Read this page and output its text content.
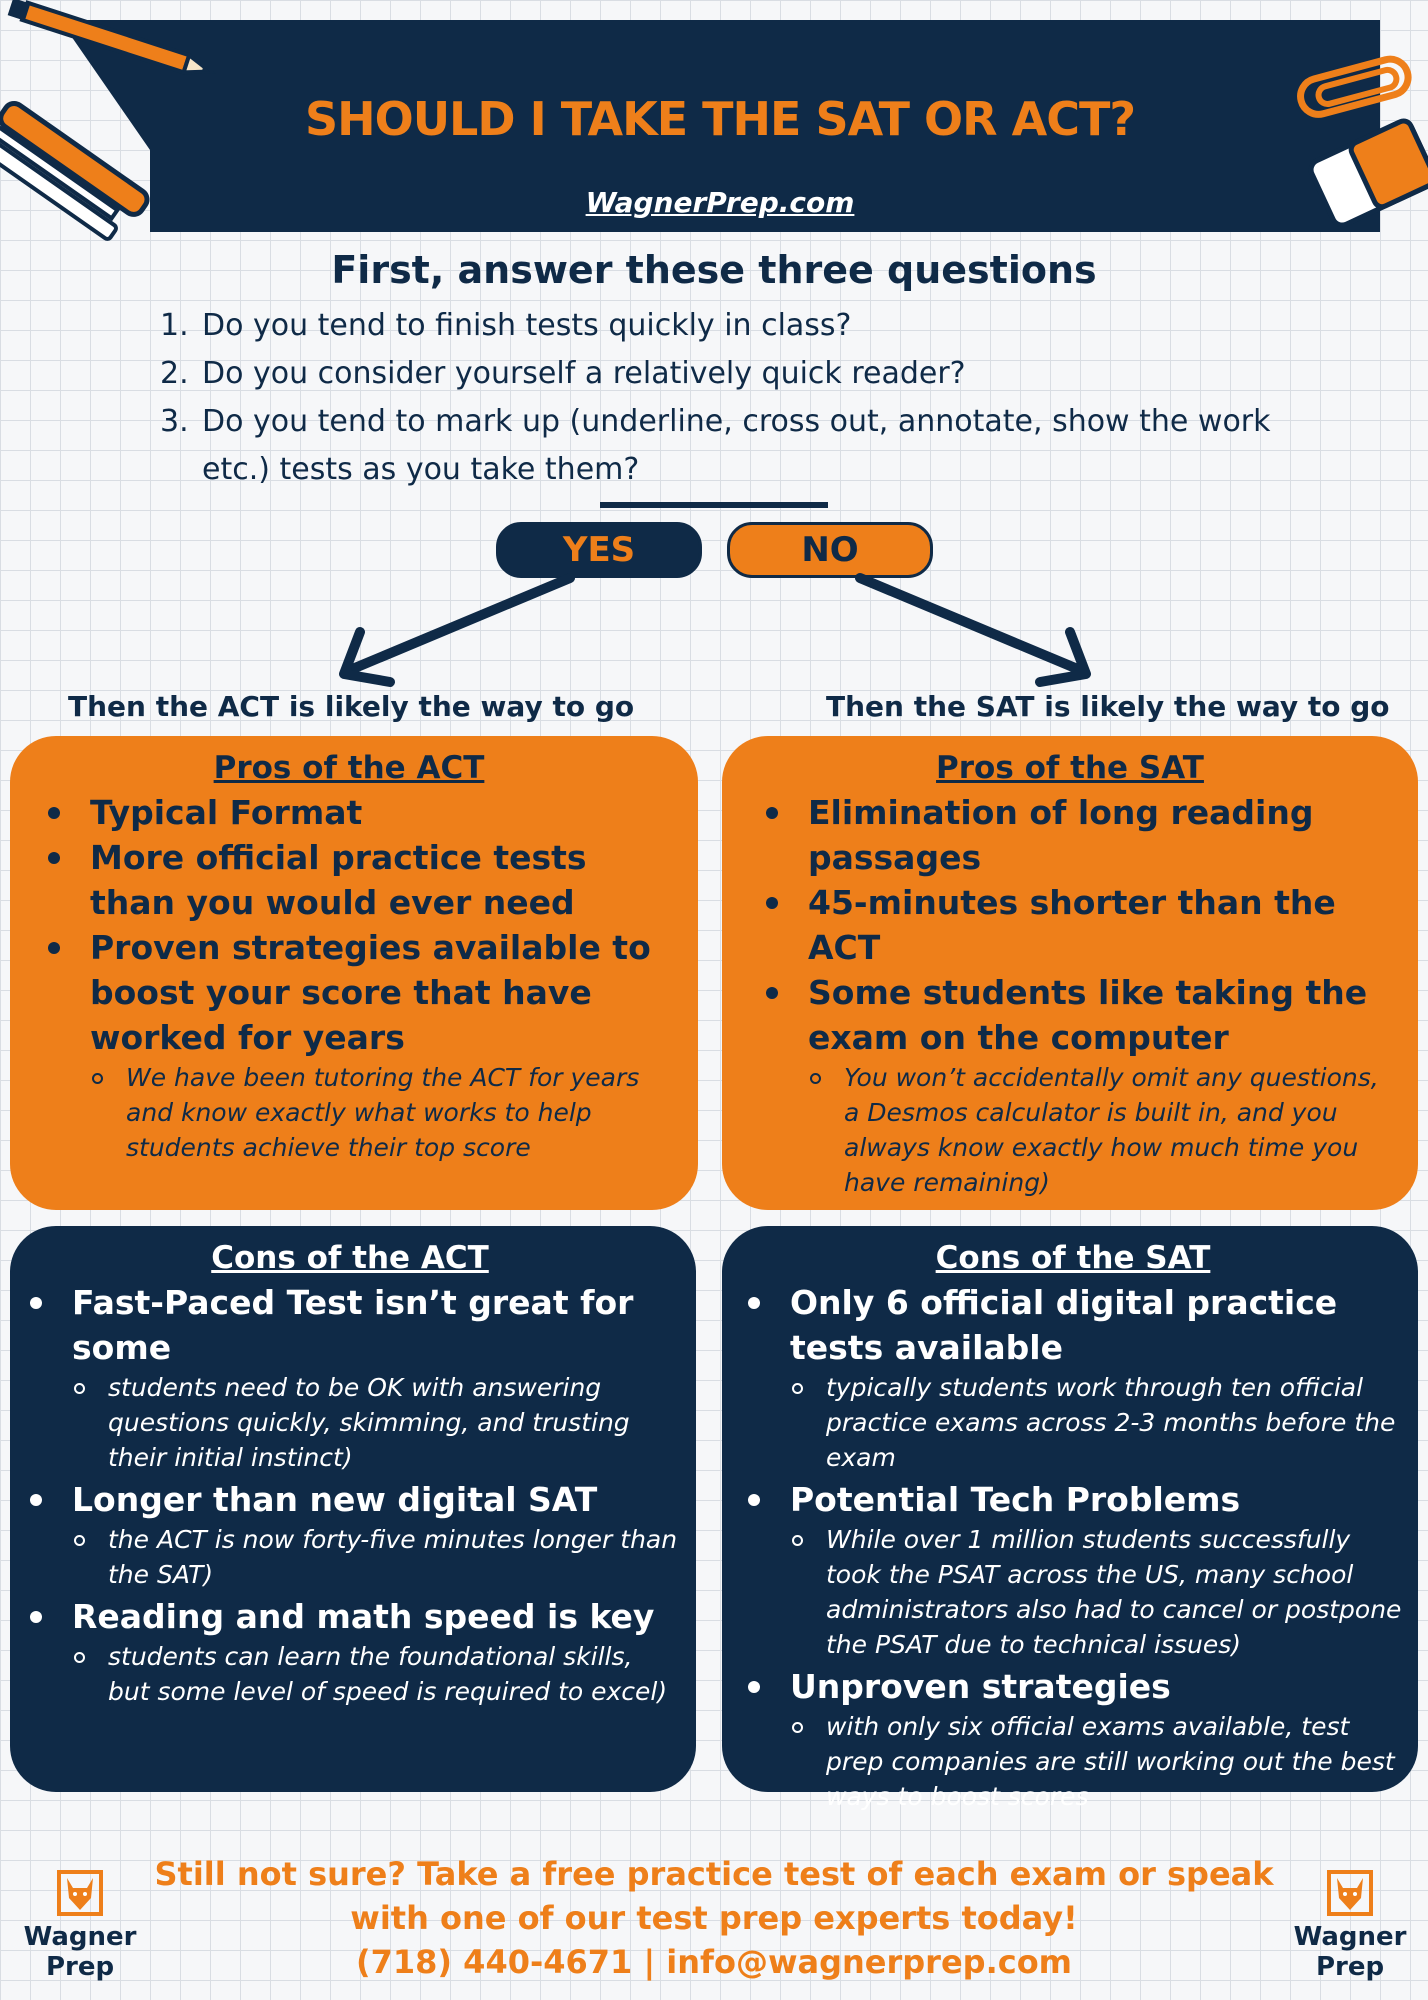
SHOULD I TAKE THE SAT OR ACT?
WagnerPrep.com
First, answer these three questions
1. Do you tend to finish tests quickly in class?
2. Do you consider yourself a relatively quick reader?
3. Do you tend to mark up (underline, cross out, annotate, show the work etc.) tests as you take them?
YES	NO
Then the ACT is likely the way to go	Then the SAT is likely the way to go
Pros of the ACT
Typical Format
More official practice tests than you would ever need
Proven strategies available to boost your score that have worked for years
We have been tutoring the ACT for years and know exactly what works to help students achieve their top score
Pros of the SAT
Elimination of long reading passages
45-minutes shorter than the ACT
Some students like taking the exam on the computer
You won’t accidentally omit any questions, a Desmos calculator is built in, and you always know exactly how much time you have remaining)
Cons of the ACT
Fast-Paced Test isn’t great for some
students need to be OK with answering questions quickly, skimming, and trusting their initial instinct)
Longer than new digital SAT
the ACT is now forty-five minutes longer than the SAT)
Reading and math speed is key
students can learn the foundational skills, but some level of speed is required to excel)
Cons of the SAT
Only 6 official digital practice tests available
typically students work through ten official practice exams across 2-3 months before the exam
Potential Tech Problems
While over 1 million students successfully took the PSAT across the US, many school administrators also had to cancel or postpone the PSAT due to technical issues)
Unproven strategies
with only six official exams available, test prep companies are still working out the best ways to boost scores
Still not sure? Take a free practice test of each exam or speak
with one of our test prep experts today!
(718) 440-4671 | info@wagnerprep.com
Wagner
Prep
Wagner
Prep
